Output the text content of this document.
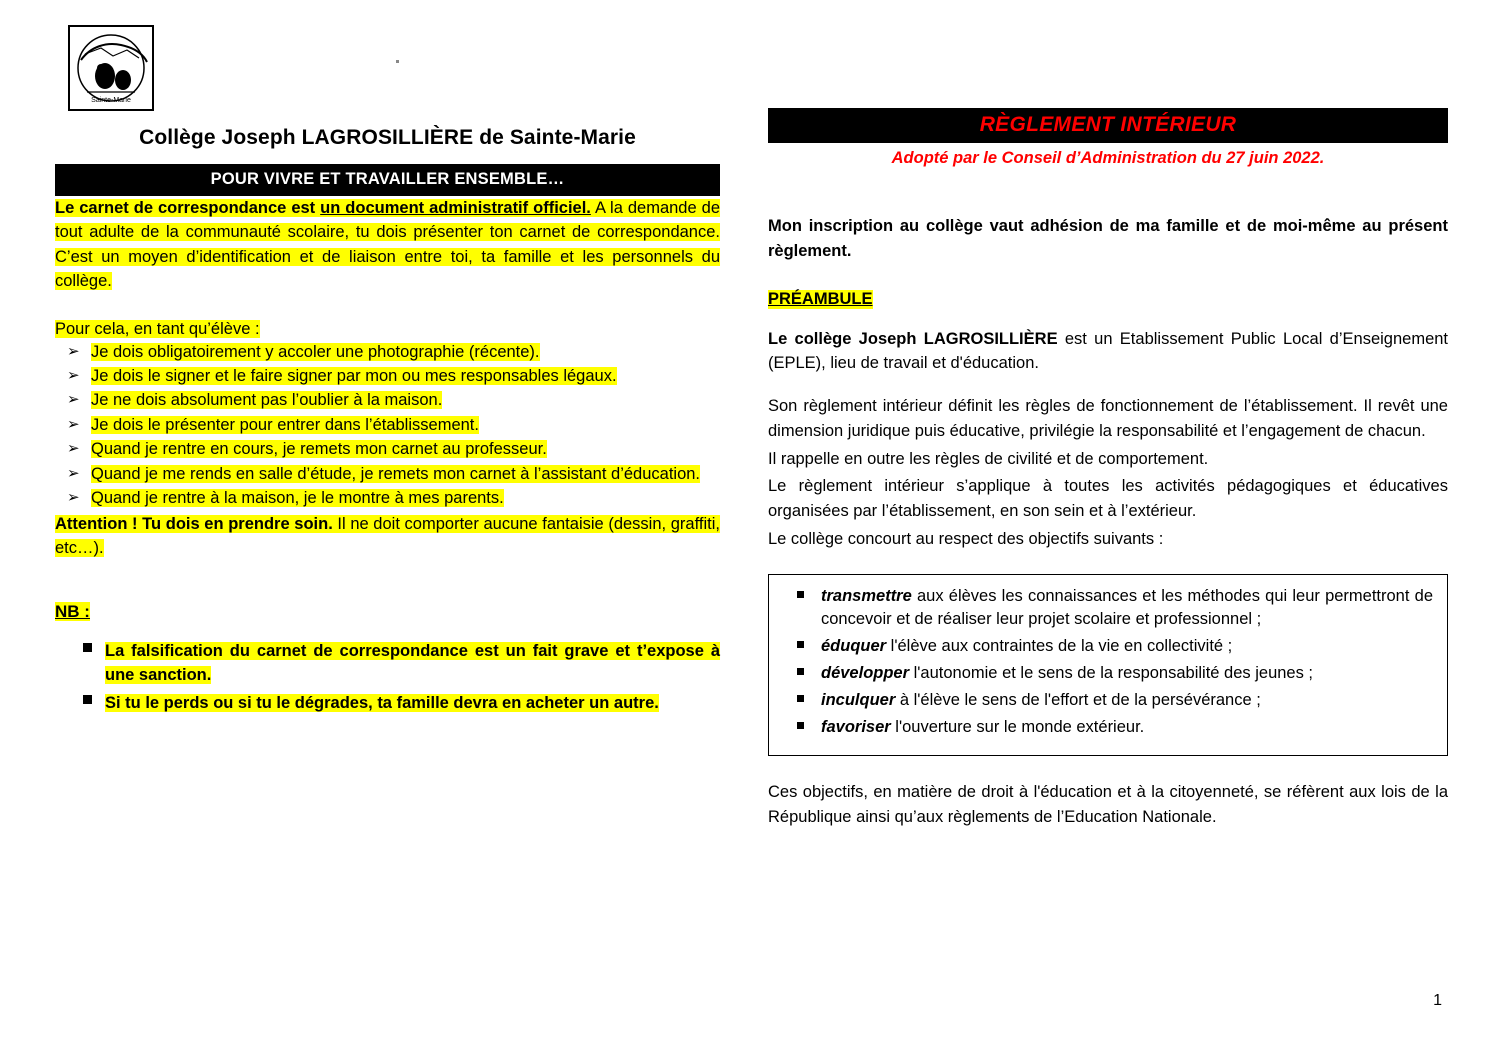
Sainte-Marie
Collège Joseph LAGROSILLIÈRE de Sainte-Marie
POUR VIVRE ET TRAVAILLER ENSEMBLE…

Le carnet de correspondance est un document administratif officiel. A la demande de tout adulte de la communauté scolaire, tu dois présenter ton carnet de correspondance. C’est un moyen d’identification et de liaison entre toi, ta famille et les personnels du collège.

Pour cela, en tant qu’élève :
➢ Je dois obligatoirement y accoler une photographie (récente).
➢ Je dois le signer et le faire signer par mon ou mes responsables légaux.
➢ Je ne dois absolument pas l’oublier à la maison.
➢ Je dois le présenter pour entrer dans l’établissement.
➢ Quand je rentre en cours, je remets mon carnet au professeur.
➢ Quand je me rends en salle d’étude, je remets mon carnet à l’assistant d’éducation.
➢ Quand je rentre à la maison, je le montre à mes parents.

Attention ! Tu dois en prendre soin. Il ne doit comporter aucune fantaisie (dessin, graffiti, etc…).

NB :
La falsification du carnet de correspondance est un fait grave et t’expose à une sanction.
Si tu le perds ou si tu le dégrades, ta famille devra en acheter un autre.
RÈGLEMENT INTÉRIEUR
Adopté par le Conseil d’Administration du 27 juin 2022.

Mon inscription au collège vaut adhésion de ma famille et de moi-même au présent règlement.

PRÉAMBULE

Le collège Joseph LAGROSILLIÈRE est un Etablissement Public Local d’Enseignement (EPLE), lieu de travail et d'éducation.

Son règlement intérieur définit les règles de fonctionnement de l’établissement. Il revêt une dimension juridique puis éducative, privilégie la responsabilité et l’engagement de chacun.

Il rappelle en outre les règles de civilité et de comportement.

Le règlement intérieur s’applique à toutes les activités pédagogiques et éducatives organisées par l’établissement, en son sein et à l’extérieur.

Le collège concourt au respect des objectifs suivants :

transmettre aux élèves les connaissances et les méthodes qui leur permettront de concevoir et de réaliser leur projet scolaire et professionnel ;
éduquer l'élève aux contraintes de la vie en collectivité ;
développer l'autonomie et le sens de la responsabilité des jeunes ;
inculquer à l'élève le sens de l'effort et de la persévérance ;
favoriser l'ouverture sur le monde extérieur.

Ces objectifs, en matière de droit à l'éducation et à la citoyenneté, se réfèrent aux lois de la République ainsi qu’aux règlements de l’Education Nationale.

1
